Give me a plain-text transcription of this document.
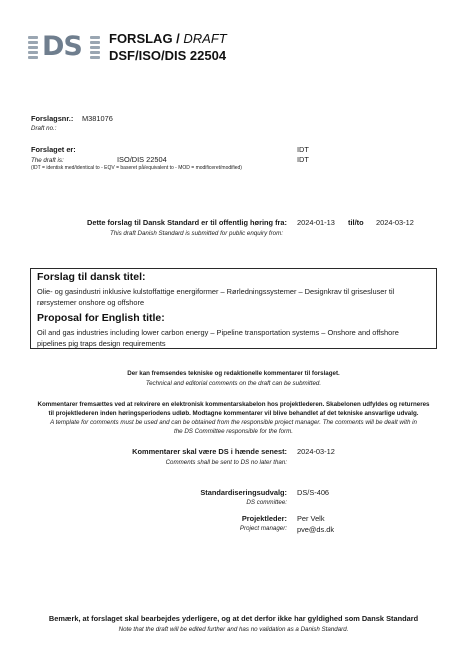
DS FORSLAG / DRAFT
DSF/ISO/DIS 22504
Forslagsnr.: M381076
Draft no.:
Forslaget er:	IDT
The draft is:	ISO/DIS 22504	IDT
(IDT = identisk med/identical to - EQV = baseret på/equivalent to - MOD = modificeret/modified)
Dette forslag til Dansk Standard er til offentlig høring fra:
This draft Danish Standard is submitted for public enquiry from:
2024-01-13 til/to 2024-03-12
Forslag til dansk titel:
Olie- og gasindustri inklusive kulstoffattige energiformer – Rørledningssystemer – Designkrav til grisesluser til
rørsystemer onshore og offshore
Proposal for English title:
Oil and gas industries including lower carbon energy – Pipeline transportation systems – Onshore and offshore
pipelines pig traps design requirements
Der kan fremsendes tekniske og redaktionelle kommentarer til forslaget.
Technical and editorial comments on the draft can be submitted.
Kommentarer fremsættes ved at rekvirere en elektronisk kommentarskabelon hos projektlederen. Skabelonen udfyldes og returneres
til projektlederen inden høringsperiodens udløb. Modtagne kommentarer vil blive behandlet af det tekniske ansvarlige udvalg.
A template for comments must be used and can be obtained from the responsible project manager. The comments will be dealt with in
the DS Committee responsible for the form.
Kommentarer skal være DS i hænde senest:
Comments shall be sent to DS no later than:
2024-03-12
Standardiseringsudvalg:
DS committee:
DS/S-406
Projektleder:
Project manager:
Per Velk
pve@ds.dk
Bemærk, at forslaget skal bearbejdes yderligere, og at det derfor ikke har gyldighed som Dansk Standard
Note that the draft will be edited further and has no validation as a Danish Standard.
